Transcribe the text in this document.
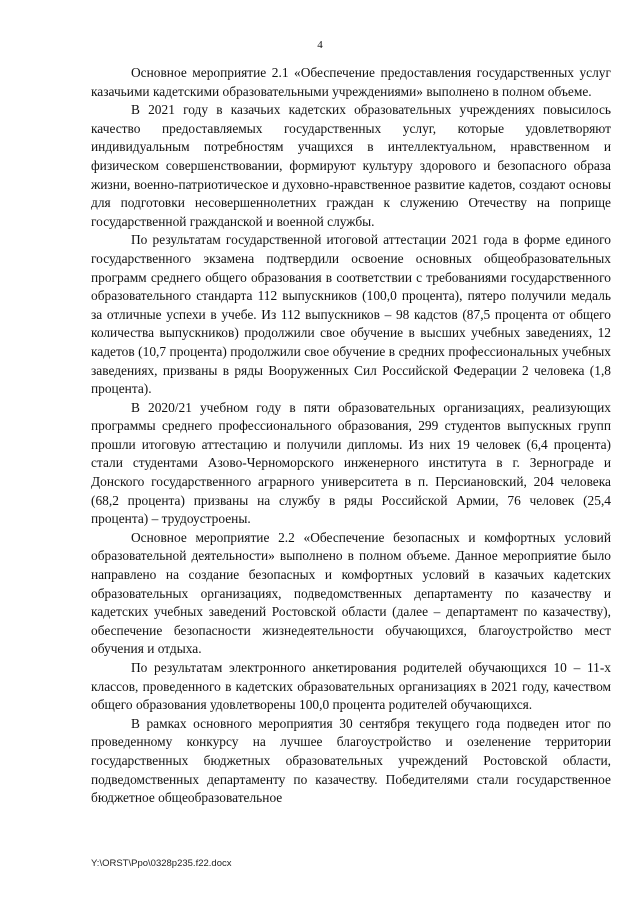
4

Основное мероприятие 2.1 «Обеспечение предоставления государственных услуг казачьими кадетскими образовательными учреждениями» выполнено в полном объеме.

В 2021 году в казачьих кадетских образовательных учреждениях повысилось качество предоставляемых государственных услуг, которые удовлетворяют индивидуальным потребностям учащихся в интеллектуальном, нравственном и физическом совершенствовании, формируют культуру здорового и безопасного образа жизни, военно-патриотическое и духовно-нравственное развитие кадетов, создают основы для подготовки несовершеннолетних граждан к служению Отечеству на поприще государственной гражданской и военной службы.

По результатам государственной итоговой аттестации 2021 года в форме единого государственного экзамена подтвердили освоение основных общеобразовательных программ среднего общего образования в соответствии с требованиями государственного образовательного стандарта 112 выпускников (100,0 процента), пятеро получили медаль за отличные успехи в учебе. Из 112 выпускников – 98 кадстов (87,5 процента от общего количества выпускников) продолжили свое обучение в высших учебных заведениях, 12 кадетов (10,7 процента) продолжили свое обучение в средних профессиональных учебных заведениях, призваны в ряды Вооруженных Сил Российской Федерации 2 человека (1,8 процента).

В 2020/21 учебном году в пяти образовательных организациях, реализующих программы среднего профессионального образования, 299 студентов выпускных групп прошли итоговую аттестацию и получили дипломы. Из них 19 человек (6,4 процента) стали студентами Азово-Черноморского инженерного института в г. Зернограде и Донского государственного аграрного университета в п. Персиановский, 204 человека (68,2 процента) призваны на службу в ряды Российской Армии, 76 человек (25,4 процента) – трудоустроены.

Основное мероприятие 2.2 «Обеспечение безопасных и комфортных условий образовательной деятельности» выполнено в полном объеме. Данное мероприятие было направлено на создание безопасных и комфортных условий в казачьих кадетских образовательных организациях, подведомственных департаменту по казачеству и кадетских учебных заведений Ростовской области (далее – департамент по казачеству), обеспечение безопасности жизнедеятельности обучающихся, благоустройство мест обучения и отдыха.

По результатам электронного анкетирования родителей обучающихся 10 – 11-х классов, проведенного в кадетских образовательных организациях в 2021 году, качеством общего образования удовлетворены 100,0 процента родителей обучающихся.

В рамках основного мероприятия 30 сентября текущего года подведен итог по проведенному конкурсу на лучшее благоустройство и озеленение территории государственных бюджетных образовательных учреждений Ростовской области, подведомственных департаменту по казачеству. Победителями стали государственное бюджетное общеобразовательное

Y:\ORST\Ppo\0328p235.f22.docx
